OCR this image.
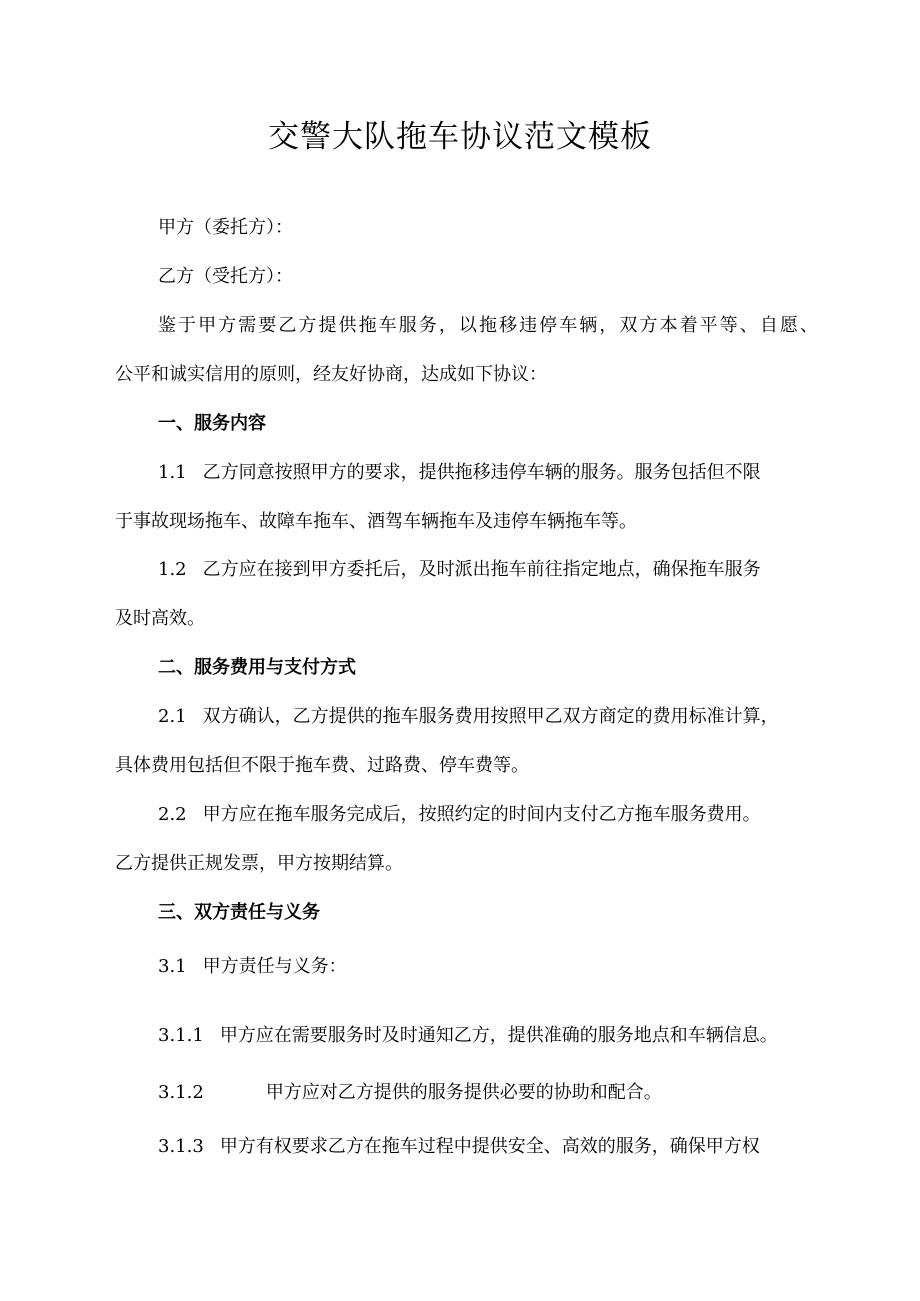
交警大队拖车协议范文模板

甲方（委托方）：

乙方（受托方）：

鉴于甲方需要乙方提供拖车服务，以拖移违停车辆，双方本着平等、自愿、

公平和诚实信用的原则，经友好协商，达成如下协议：

一、服务内容

1.1 乙方同意按照甲方的要求，提供拖移违停车辆的服务。服务包括但不限

于事故现场拖车、故障车拖车、酒驾车辆拖车及违停车辆拖车等。

1.2 乙方应在接到甲方委托后，及时派出拖车前往指定地点，确保拖车服务

及时高效。

二、服务费用与支付方式

2.1 双方确认，乙方提供的拖车服务费用按照甲乙双方商定的费用标准计算，

具体费用包括但不限于拖车费、过路费、停车费等。

2.2 甲方应在拖车服务完成后，按照约定的时间内支付乙方拖车服务费用。

乙方提供正规发票，甲方按期结算。

三、双方责任与义务

3.1 甲方责任与义务：

3.1.1 甲方应在需要服务时及时通知乙方，提供准确的服务地点和车辆信息。

3.1.2	甲方应对乙方提供的服务提供必要的协助和配合。

3.1.3 甲方有权要求乙方在拖车过程中提供安全、高效的服务，确保甲方权
